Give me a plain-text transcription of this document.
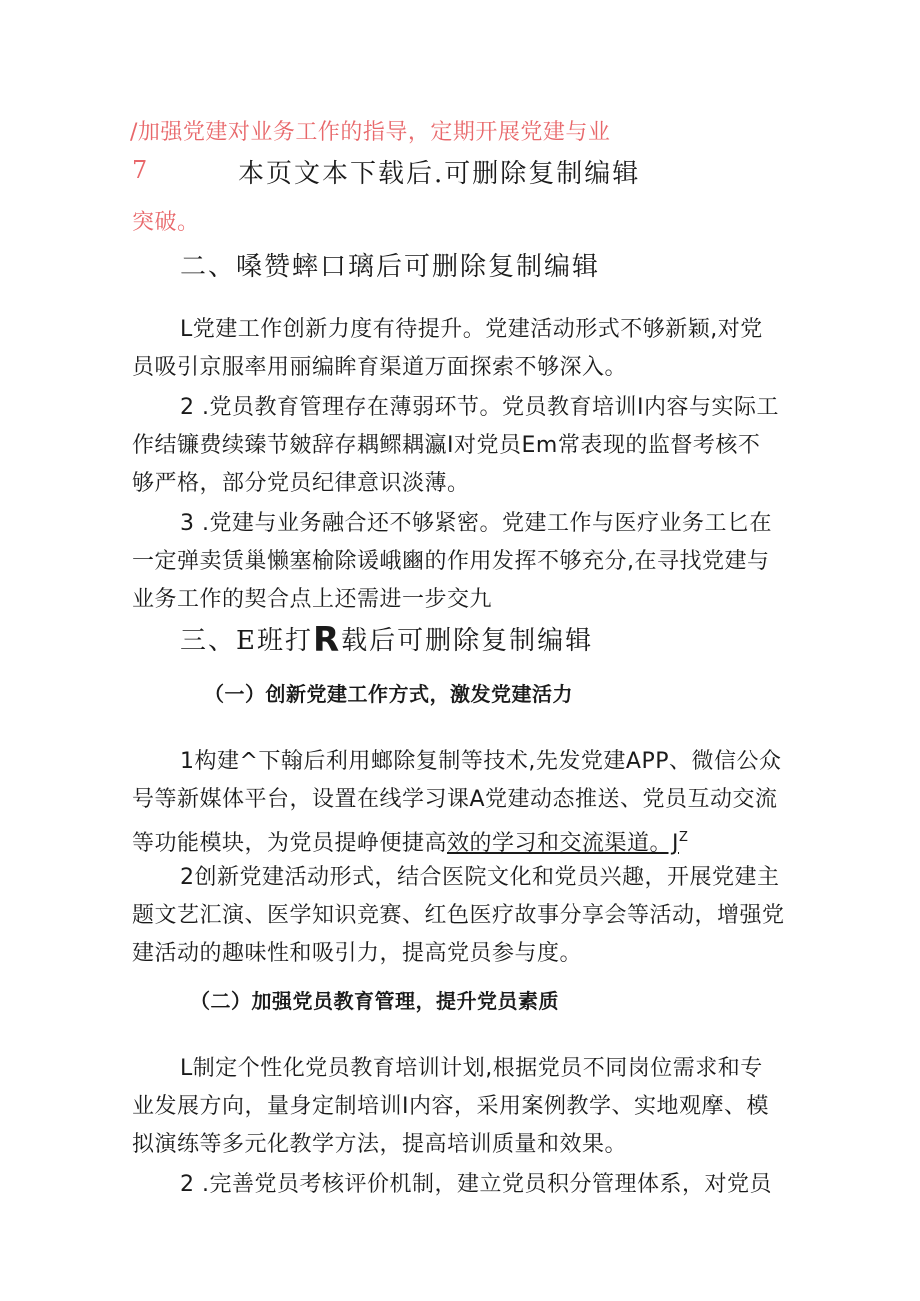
/加强党建对业务工作的指导，定期开展党建与业
7	本页文本下载后.可删除复制编辑
突破。
二、嗓赞蟀口璃后可删除复制编辑
L党建工作创新力度有待提升。党建活动形式不够新颖,对党
员吸引京服率用丽编眸育渠道万面探索不够深入。
2 .党员教育管理存在薄弱环节。党员教育培训I内容与实际工
作结镰费续臻节皴辞存耦鳏耦瀛I对党员Em常表现的监督考核不
够严格，部分党员纪律意识淡薄。
3 .党建与业务融合还不够紧密。党建工作与医疗业务工匕在
一定弹卖赁巢懒塞榆除谖峨豳的作用发挥不够充分,在寻找党建与
业务工作的契合点上还需进一步交九
三、E班打R载后可删除复制编辑
（一）创新党建工作方式，激发党建活力
1构建^下翰后利用螂除复制等技术,先发党建APP、微信公众
号等新媒体平台，设置在线学习课A党建动态推送、党员互动交流
等功能模块，为党员提峥便捷高效的学习和交流渠道。$J^Z$
2创新党建活动形式，结合医院文化和党员兴趣，开展党建主
题文艺汇演、医学知识竞赛、红色医疗故事分享会等活动，增强党
建活动的趣味性和吸引力，提高党员参与度。
（二）加强党员教育管理，提升党员素质
L制定个性化党员教育培训计划,根据党员不同岗位需求和专
业发展方向，量身定制培训I内容，采用案例教学、实地观摩、模
拟演练等多元化教学方法，提高培训质量和效果。
2 .完善党员考核评价机制，建立党员积分管理体系，对党员
